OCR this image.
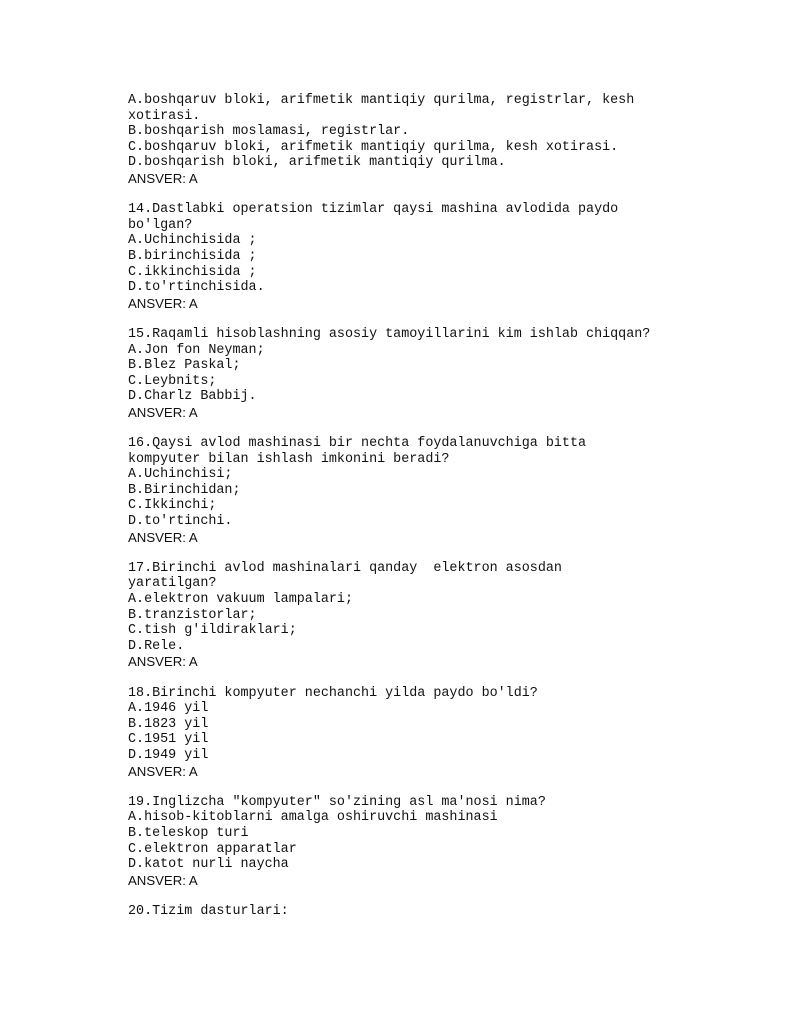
A.boshqaruv bloki, arifmetik mantiqiy qurilma, registrlar, kesh
xotirasi.
B.boshqarish moslamasi, registrlar.
C.boshqaruv bloki, arifmetik mantiqiy qurilma, kesh xotirasi.
D.boshqarish bloki, arifmetik mantiqiy qurilma.
ANSVER: A
14.Dastlabki operatsion tizimlar qaysi mashina avlodida paydo
bo'lgan?
A.Uchinchisida ;
B.birinchisida ;
C.ikkinchisida ;
D.to'rtinchisida.
ANSVER: A
15.Raqamli hisoblashning asosiy tamoyillarini kim ishlab chiqqan?
A.Jon fon Neyman;
B.Blez Paskal;
C.Leybnits;
D.Charlz Babbij.
ANSVER: A
16.Qaysi avlod mashinasi bir nechta foydalanuvchiga bitta
kompyuter bilan ishlash imkonini beradi?
A.Uchinchisi;
B.Birinchidan;
C.Ikkinchi;
D.to'rtinchi.
ANSVER: A
17.Birinchi avlod mashinalari qanday  elektron asosdan
yaratilgan?
A.elektron vakuum lampalari;
B.tranzistorlar;
C.tish g'ildiraklari;
D.Rele.
ANSVER: A
18.Birinchi kompyuter nechanchi yilda paydo bo'ldi?
A.1946 yil
B.1823 yil
C.1951 yil
D.1949 yil
ANSVER: A
19.Inglizcha "kompyuter" so'zining asl ma'nosi nima?
A.hisob-kitoblarni amalga oshiruvchi mashinasi
B.teleskop turi
C.elektron apparatlar
D.katot nurli naycha
ANSVER: A
20.Tizim dasturlari:
